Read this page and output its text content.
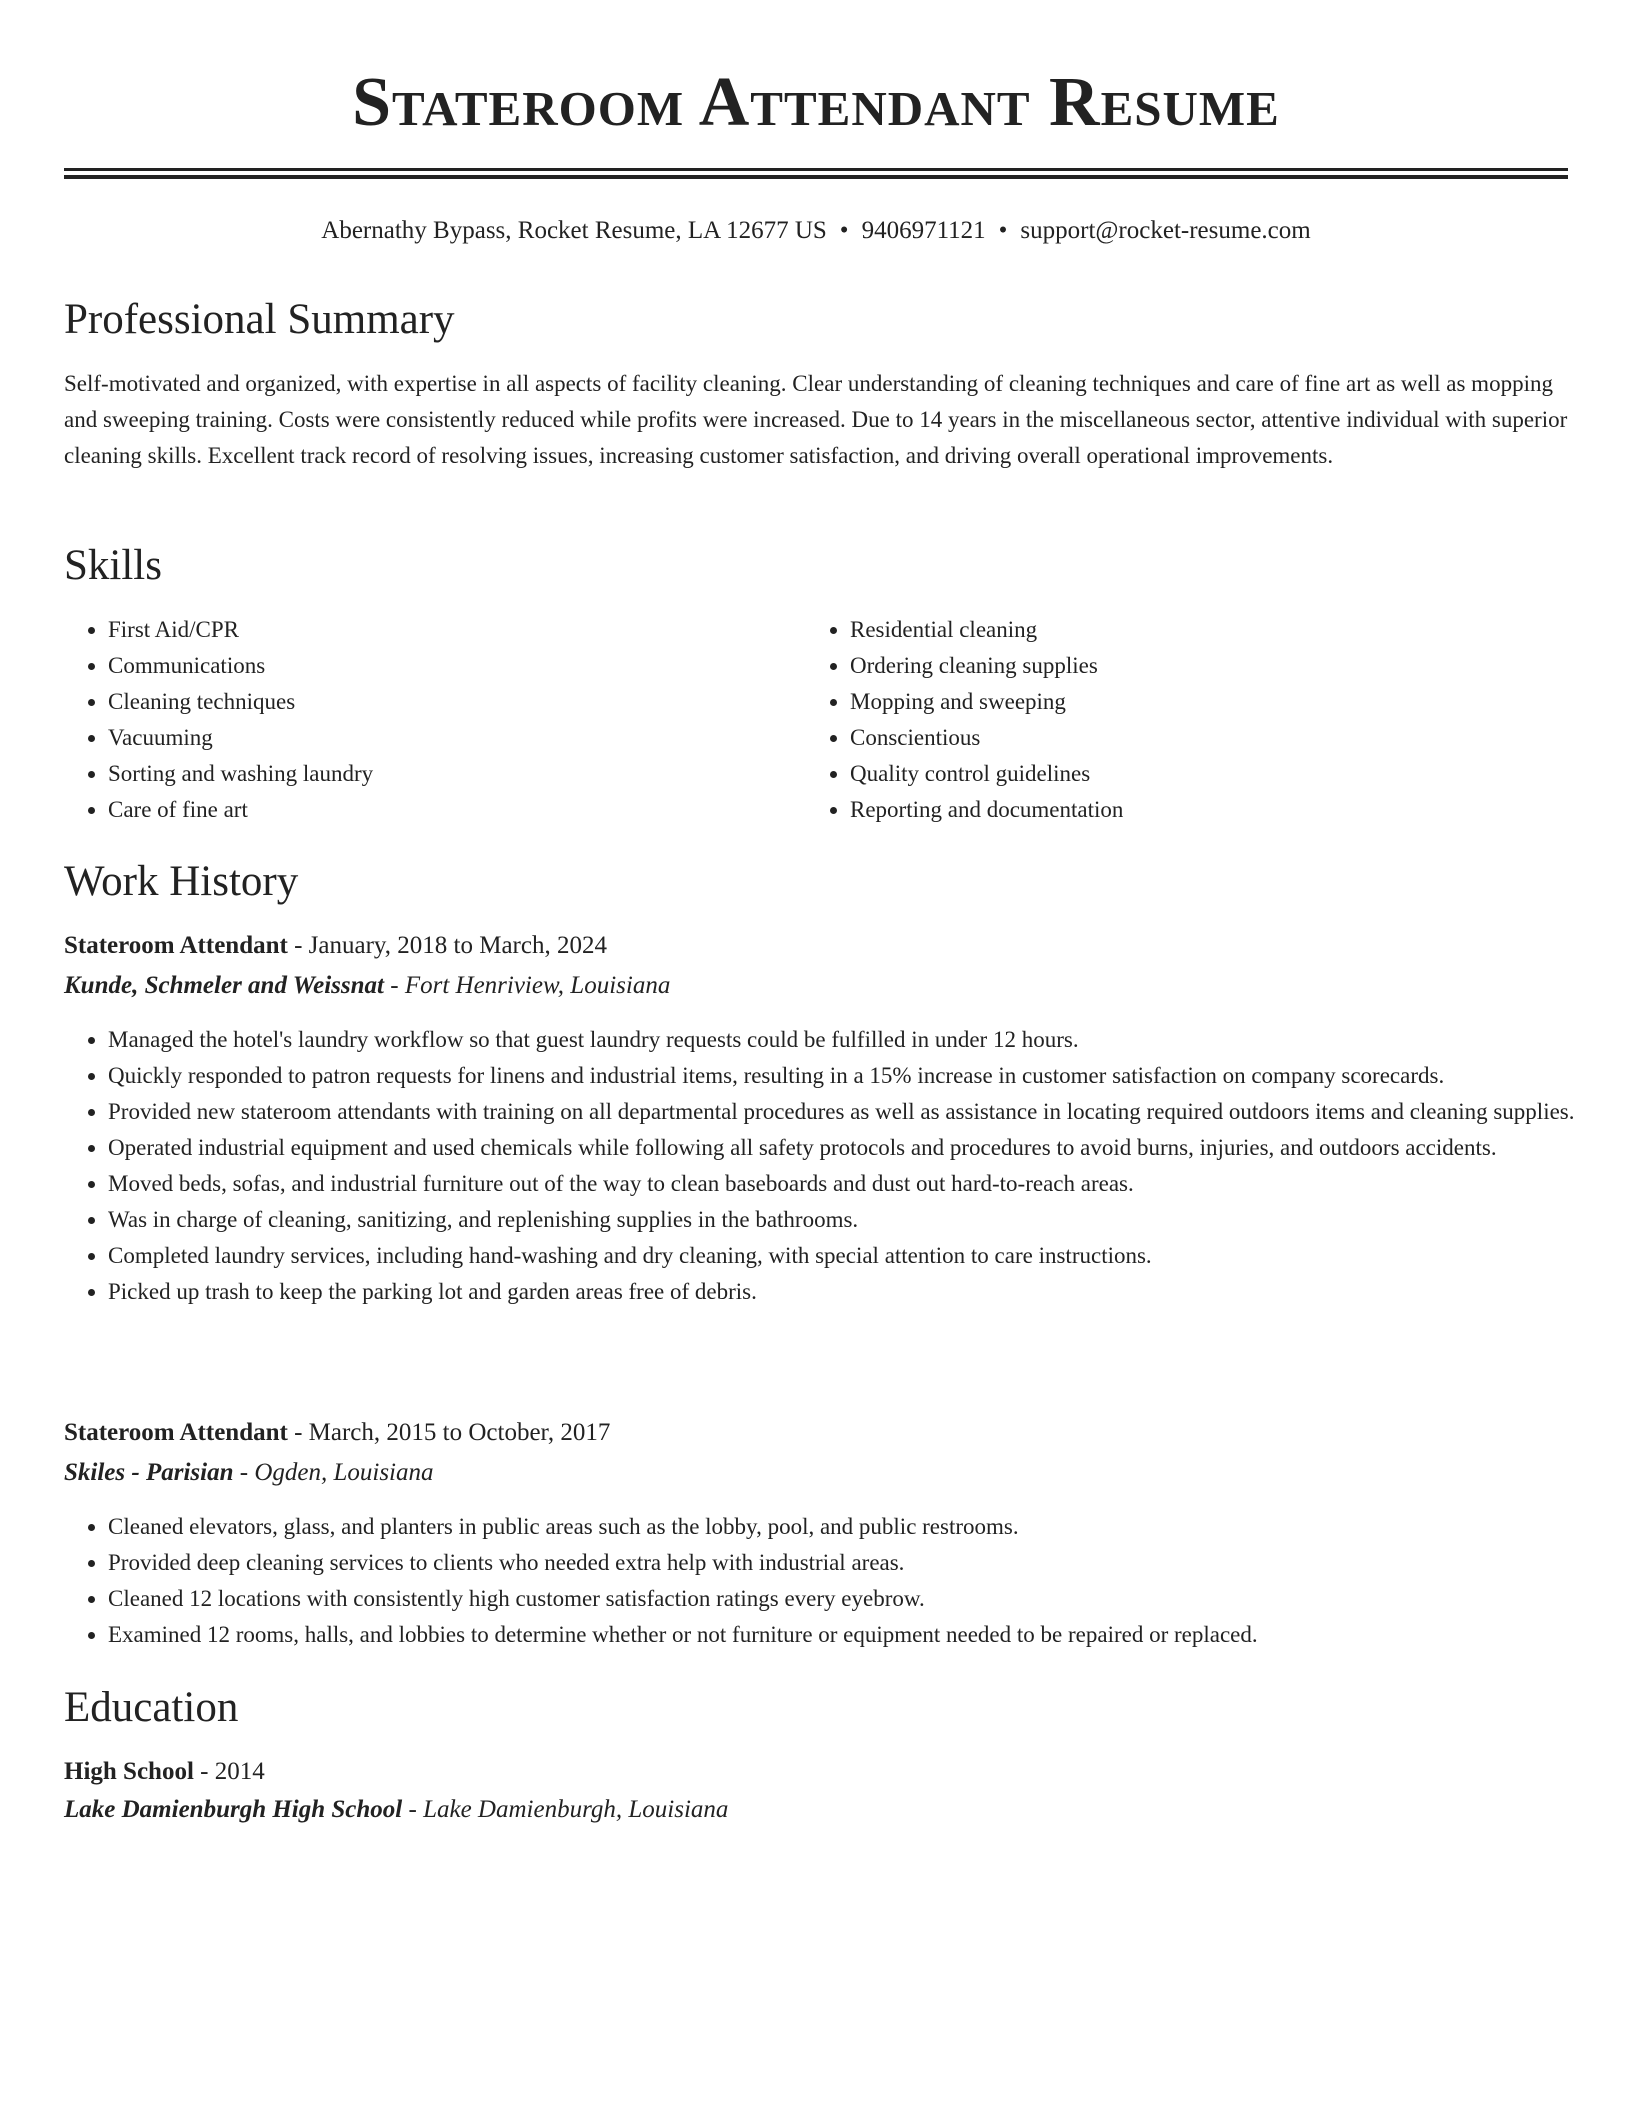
Stateroom Attendant Resume
Abernathy Bypass, Rocket Resume, LA 12677 US • 9406971121 • support@rocket-resume.com
Professional Summary
Self-motivated and organized, with expertise in all aspects of facility cleaning. Clear understanding of cleaning techniques and care of fine art as well as mopping and sweeping training. Costs were consistently reduced while profits were increased. Due to 14 years in the miscellaneous sector, attentive individual with superior cleaning skills. Excellent track record of resolving issues, increasing customer satisfaction, and driving overall operational improvements.
Skills
• First Aid/CPR
• Communications
• Cleaning techniques
• Vacuuming
• Sorting and washing laundry
• Care of fine art
• Residential cleaning
• Ordering cleaning supplies
• Mopping and sweeping
• Conscientious
• Quality control guidelines
• Reporting and documentation
Work History
Stateroom Attendant - January, 2018 to March, 2024
Kunde, Schmeler and Weissnat - Fort Henriview, Louisiana
• Managed the hotel's laundry workflow so that guest laundry requests could be fulfilled in under 12 hours.
• Quickly responded to patron requests for linens and industrial items, resulting in a 15% increase in customer satisfaction on company scorecards.
• Provided new stateroom attendants with training on all departmental procedures as well as assistance in locating required outdoors items and cleaning supplies.
• Operated industrial equipment and used chemicals while following all safety protocols and procedures to avoid burns, injuries, and outdoors accidents.
• Moved beds, sofas, and industrial furniture out of the way to clean baseboards and dust out hard-to-reach areas.
• Was in charge of cleaning, sanitizing, and replenishing supplies in the bathrooms.
• Completed laundry services, including hand-washing and dry cleaning, with special attention to care instructions.
• Picked up trash to keep the parking lot and garden areas free of debris.
Stateroom Attendant - March, 2015 to October, 2017
Skiles - Parisian - Ogden, Louisiana
• Cleaned elevators, glass, and planters in public areas such as the lobby, pool, and public restrooms.
• Provided deep cleaning services to clients who needed extra help with industrial areas.
• Cleaned 12 locations with consistently high customer satisfaction ratings every eyebrow.
• Examined 12 rooms, halls, and lobbies to determine whether or not furniture or equipment needed to be repaired or replaced.
Education
High School - 2014
Lake Damienburgh High School - Lake Damienburgh, Louisiana
